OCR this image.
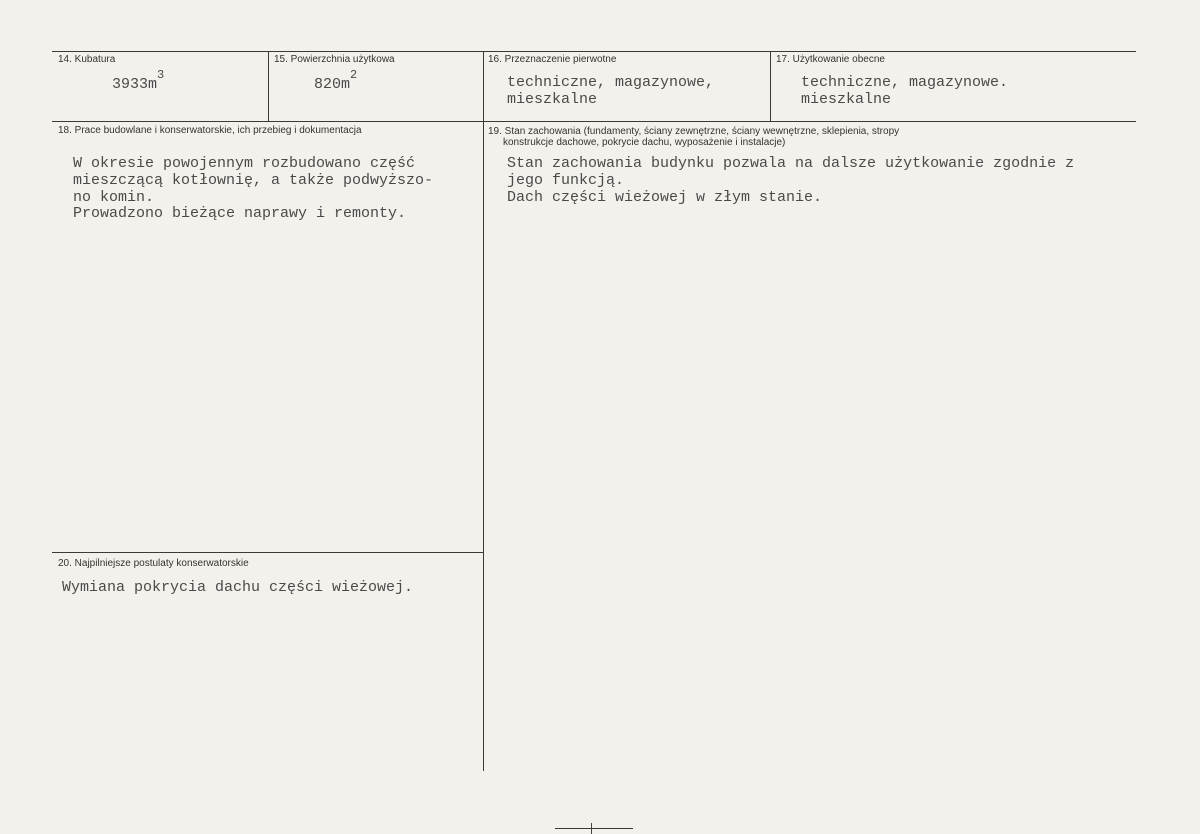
14. Kubatura
$3933m^3$
15. Powierzchnia użytkowa
$820m^2$
16. Przeznaczenie pierwotne
techniczne, magazynowe,
mieszkalne
17. Użytkowanie obecne
techniczne, magazynowe.
mieszkalne
18. Prace budowlane i konserwatorskie, ich przebieg i dokumentacja
W okresie powojennym rozbudowano część
mieszczącą kotłownię, a także podwyższo-
no komin.
Prowadzono bieżące naprawy i remonty.
19. Stan zachowania (fundamenty, ściany zewnętrzne, ściany wewnętrzne, sklepienia, stropy
konstrukcje dachowe, pokrycie dachu, wyposażenie i instalacje)
Stan zachowania budynku pozwala na dalsze użytkowanie zgodnie z
jego funkcją.
Dach części wieżowej w złym stanie.
20. Najpilniejsze postulaty konserwatorskie
Wymiana pokrycia dachu części wieżowej.
